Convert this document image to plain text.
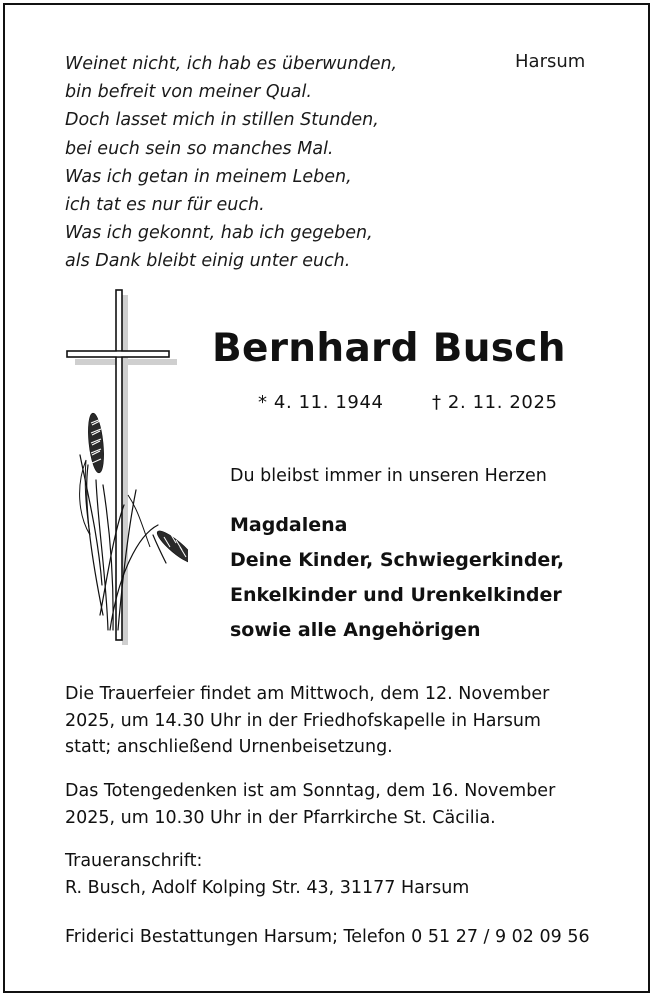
Weinet nicht, ich hab es überwunden,
bin befreit von meiner Qual.
Doch lasset mich in stillen Stunden,
bei euch sein so manches Mal.
Was ich getan in meinem Leben,
ich tat es nur für euch.
Was ich gekonnt, hab ich gegeben,
als Dank bleibt einig unter euch.
Harsum
Bernhard Busch
* 4. 11. 1944	† 2. 11. 2025
Du bleibst immer in unseren Herzen
Magdalena
Deine Kinder, Schwiegerkinder,
Enkelkinder und Urenkelkinder
sowie alle Angehörigen
Die Trauerfeier findet am Mittwoch, dem 12. November
2025, um 14.30 Uhr in der Friedhofskapelle in Harsum
statt; anschließend Urnenbeisetzung.
Das Totengedenken ist am Sonntag, dem 16. November
2025, um 10.30 Uhr in der Pfarrkirche St. Cäcilia.
Traueranschrift:
R. Busch, Adolf Kolping Str. 43, 31177 Harsum
Friderici Bestattungen Harsum; Telefon 0 51 27 / 9 02 09 56
